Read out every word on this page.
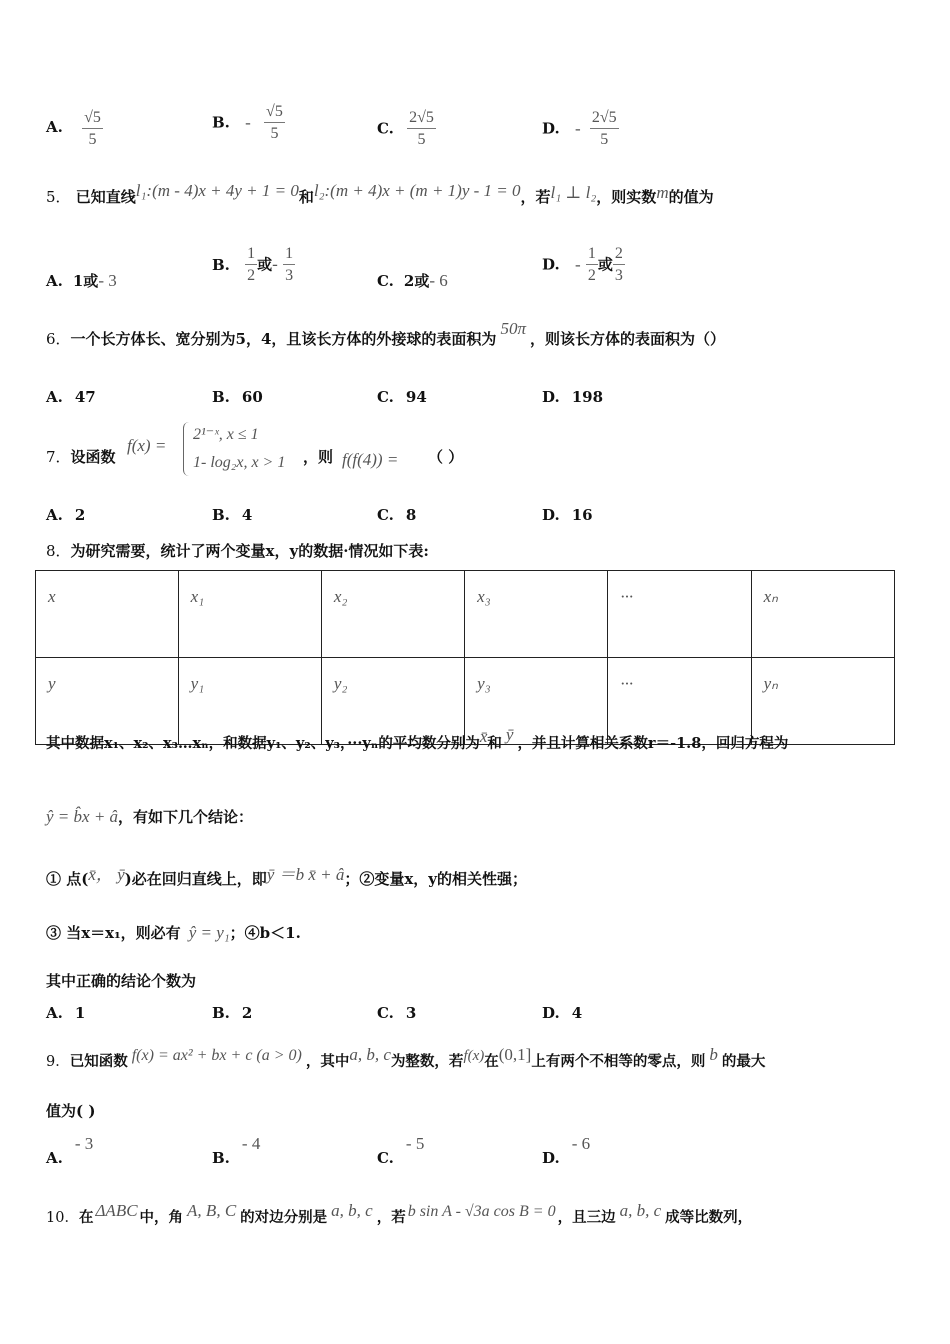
A. $\frac{√5}{5}$	B. - $\frac{√5}{5}$	C. $\frac{2√5}{5}$	D. - $\frac{2√5}{5}$
5． 已知直线l₁:(m - 4)x + 4y + 1 = 0和l₂:(m + 4)x + (m + 1)y - 1 = 0，若l₁ ⊥ l₂，则实数m的值为
A. 1或- 3
B. $\frac{1}{2}$ 或- $\frac{1}{3}$	C. 2或- 6
D. - $\frac{1}{2}$ 或 $\frac{2}{3}$
6．一个长方体长、宽分别为5，4，且该长方体的外接球的表面积为50π，则该长方体的表面积为（）
A. 47	B. 60	C. 94	D. 198
7．设函数
f(x) =
2¹⁻ˣ, x ≤ 1
1- log₂x, x > 1 ，则 f(f(4)) = （ ）
A. 2	B. 4	C. 8	D. 16
8．为研究需要，统计了两个变量x，y的数据·情况如下表:
x	x₁	x₂	x₃	···	xₙ
y	y₁	y₂	y₃	···	yₙ
其中数据x₁、x₂、x₃…xₙ，和数据y₁、y₂、y₃，···yₙ的平均数分别为x̄和 ȳ ，并且计算相关系数r＝-1.8，回归方程为
ŷ = b̂x + â，有如下几个结论：
① 点(x̄， ȳ)必在回归直线上，即ȳ ＝b x̄ + â；②变量x，y的相关性强；
③ 当x＝x₁，则必有 ŷ = y₁；④b＜1.
其中正确的结论个数为
A. 1	B. 2	C. 3	D. 4
9．已知函数 f(x) = ax² + bx + c (a > 0) ，其中a, b, c为整数，若f(x)在(0,1]上有两个不相等的零点，则 b 的最大
值为( )
A.- 3
B.- 4
C.- 5
D.- 6
10．在 ΔABC 中，角 A, B, C 的对边分别是 a, b, c ，若 b sin A - √3a cos B = 0 ，且三边 a, b, c 成等比数列，
